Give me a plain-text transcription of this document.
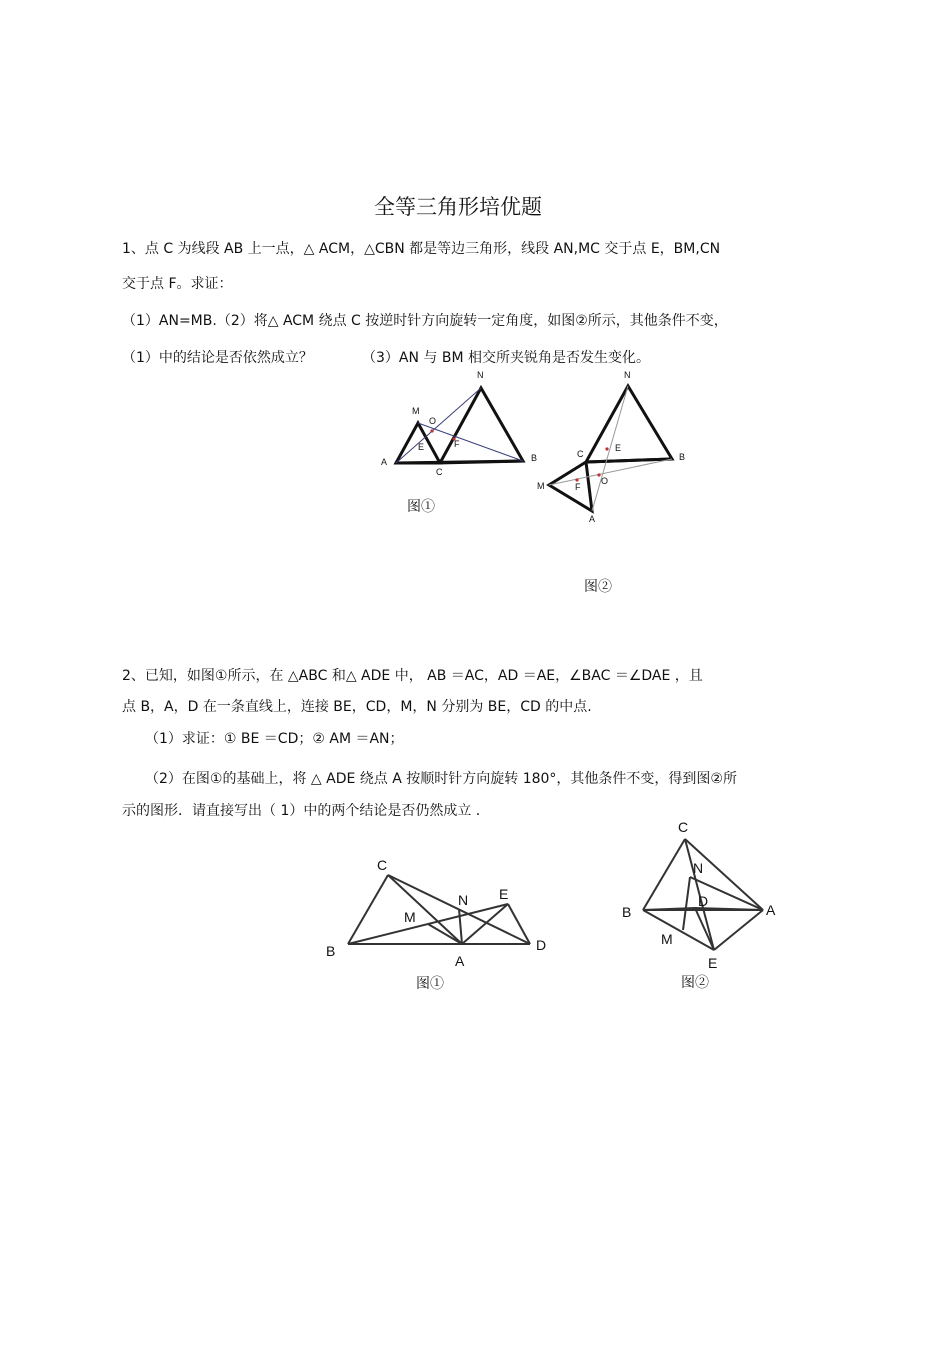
全等三角形培优题
1、点 C 为线段 AB 上一点，△ ACM，△CBN 都是等边三角形，线段 AN,MC 交于点 E，BM,CN
交于点 F。求证：
（1）AN=MB.（2）将△ ACM 绕点 C 按逆时针方向旋转一定角度，如图②所示，其他条件不变，
（1）中的结论是否依然成立？	（3）AN 与 BM 相交所夹锐角是否发生变化。
N
M
O
E	F
A
C
B
图①
N
E
C	B
M	F
O
A
图②
2、已知，如图①所示，在 △ABC 和△ ADE 中， AB ＝AC，AD ＝AE，∠BAC ＝∠DAE ，且
点 B，A，D 在一条直线上，连接 BE，CD，M，N 分别为 BE，CD 的中点.
（1）求证：① BE ＝CD；② AM ＝AN；
（2）在图①的基础上，将 △ ADE 绕点 A 按顺时针方向旋转 180°，其他条件不变，得到图②所
示的图形．请直接写出（ 1）中的两个结论是否仍然成立 .
C
N E
M
B
A
D
图①
C
N
D
B	A
M
E
图②
